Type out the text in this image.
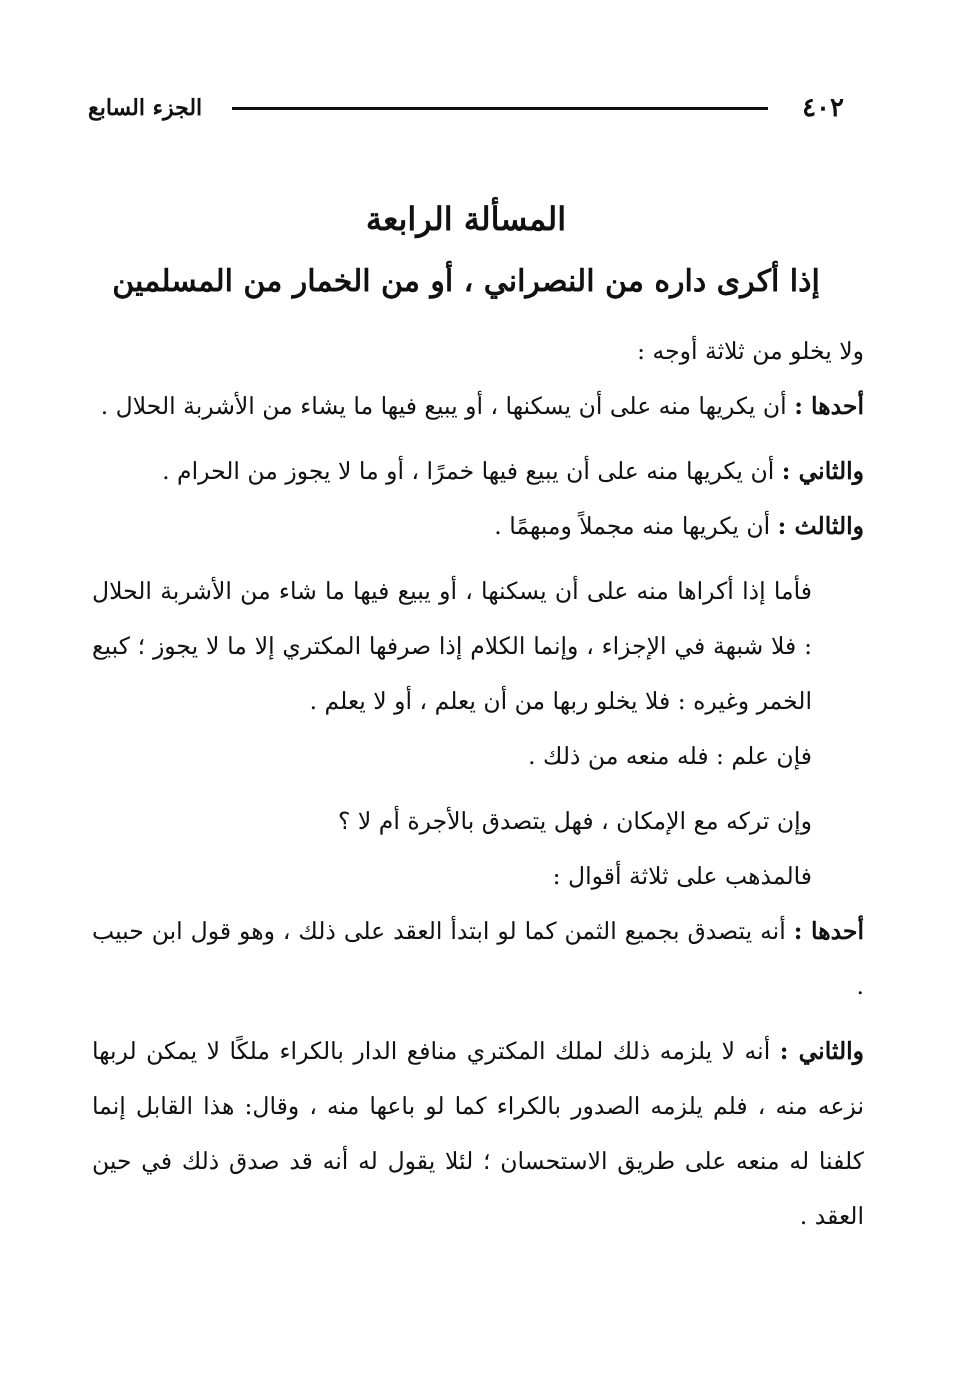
٤٠٢
الجزء السابع
المسألة الرابعة
إذا أكرى داره من النصراني ، أو من الخمار من المسلمين

ولا يخلو من ثلاثة أوجه :

أحدها : أن يكريها منه على أن يسكنها ، أو يبيع فيها ما يشاء من الأشربة الحلال .

والثاني : أن يكريها منه على أن يبيع فيها خمرًا ، أو ما لا يجوز من الحرام .

والثالث : أن يكريها منه مجملاً ومبهمًا .

فأما إذا أكراها منه على أن يسكنها ، أو يبيع فيها ما شاء من الأشربة الحلال : فلا شبهة في الإجزاء ، وإنما الكلام إذا صرفها المكتري إلا ما لا يجوز ؛ كبيع الخمر وغيره : فلا يخلو ربها من أن يعلم ، أو لا يعلم .

فإن علم : فله منعه من ذلك .

وإن تركه مع الإمكان ، فهل يتصدق بالأجرة أم لا ؟

فالمذهب على ثلاثة أقوال :

أحدها : أنه يتصدق بجميع الثمن كما لو ابتدأ العقد على ذلك ، وهو قول ابن حبيب .

والثاني : أنه لا يلزمه ذلك لملك المكتري منافع الدار بالكراء ملكًا لا يمكن لربها نزعه منه ، فلم يلزمه الصدور بالكراء كما لو باعها منه ، وقال: هذا القابل إنما كلفنا له منعه على طريق الاستحسان ؛ لئلا يقول له أنه قد صدق ذلك في حين العقد .
